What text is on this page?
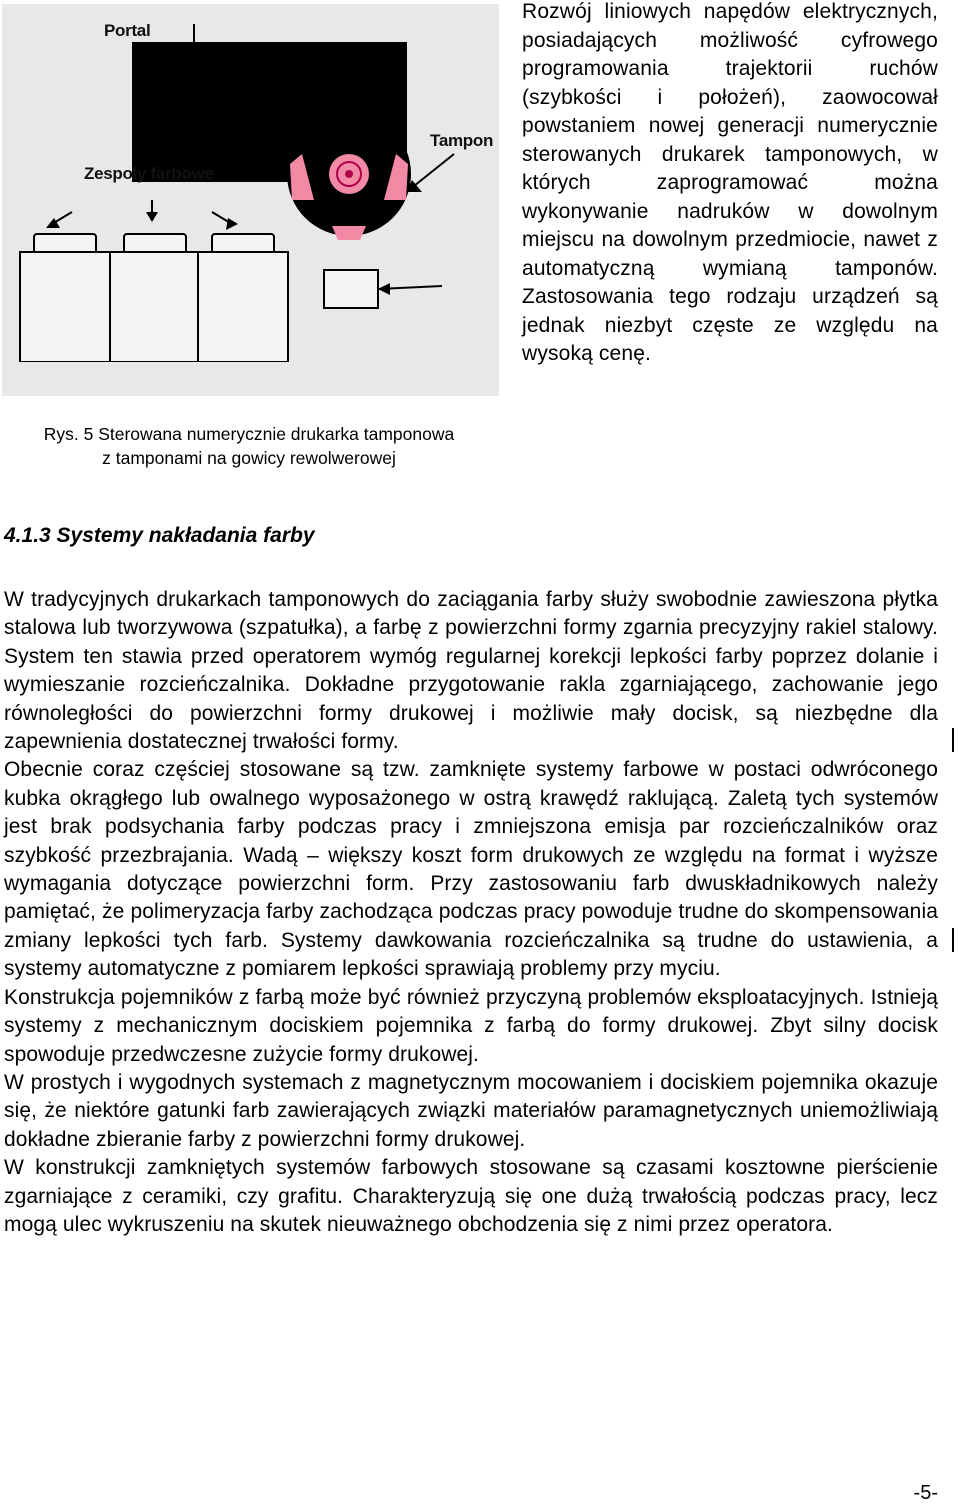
Portal
Tampon
Zespoły farbowe
Rozwój liniowych napędów elektrycznych, posiadających możliwość cyfrowego programowania trajektorii ruchów (szybkości i położeń), zaowocował powstaniem nowej generacji numerycznie sterowanych drukarek tamponowych, w których zaprogramować można wykonywanie nadruków w dowolnym miejscu na dowolnym przedmiocie, nawet z automatyczną wymianą tamponów. Zastosowania tego rodzaju urządzeń są jednak niezbyt częste ze względu na wysoką cenę.
Rys. 5 Sterowana numerycznie drukarka tamponowa
z tamponami na gowicy rewolwerowej
4.1.3 Systemy nakładania farby

W tradycyjnych drukarkach tamponowych do zaciągania farby służy swobodnie zawieszona płytka stalowa lub tworzywowa (szpatułka), a farbę z powierzchni formy zgarnia precyzyjny rakiel stalowy. System ten stawia przed operatorem wymóg regularnej korekcji lepkości farby poprzez dolanie i wymieszanie rozcieńczalnika. Dokładne przygotowanie rakla zgarniającego, zachowanie jego równoległości do powierzchni formy drukowej i możliwie mały docisk, są niezbędne dla zapewnienia dostatecznej trwałości formy.

Obecnie coraz częściej stosowane są tzw. zamknięte systemy farbowe w postaci odwróconego kubka okrągłego lub owalnego wyposażonego w ostrą krawędź raklującą. Zaletą tych systemów jest brak podsychania farby podczas pracy i zmniejszona emisja par rozcieńczalników oraz szybkość przezbrajania. Wadą – większy koszt form drukowych ze względu na format i wyższe wymagania dotyczące powierzchni form. Przy zastosowaniu farb dwuskładnikowych należy pamiętać, że polimeryzacja farby zachodząca podczas pracy powoduje trudne do skompensowania zmiany lepkości tych farb. Systemy dawkowania rozcieńczalnika są trudne do ustawienia, a systemy automatyczne z pomiarem lepkości sprawiają problemy przy myciu.

Konstrukcja pojemników z farbą może być również przyczyną problemów eksploatacyjnych. Istnieją systemy z mechanicznym dociskiem pojemnika z farbą do formy drukowej. Zbyt silny docisk spowoduje przedwczesne zużycie formy drukowej.

W prostych i wygodnych systemach z magnetycznym mocowaniem i dociskiem pojemnika okazuje się, że niektóre gatunki farb zawierających związki materiałów paramagnetycznych uniemożliwiają dokładne zbieranie farby z powierzchni formy drukowej.

W konstrukcji zamkniętych systemów farbowych stosowane są czasami kosztowne pierścienie zgarniające z ceramiki, czy grafitu. Charakteryzują się one dużą trwałością podczas pracy, lecz mogą ulec wykruszeniu na skutek nieuważnego obchodzenia się z nimi przez operatora.

-5-
